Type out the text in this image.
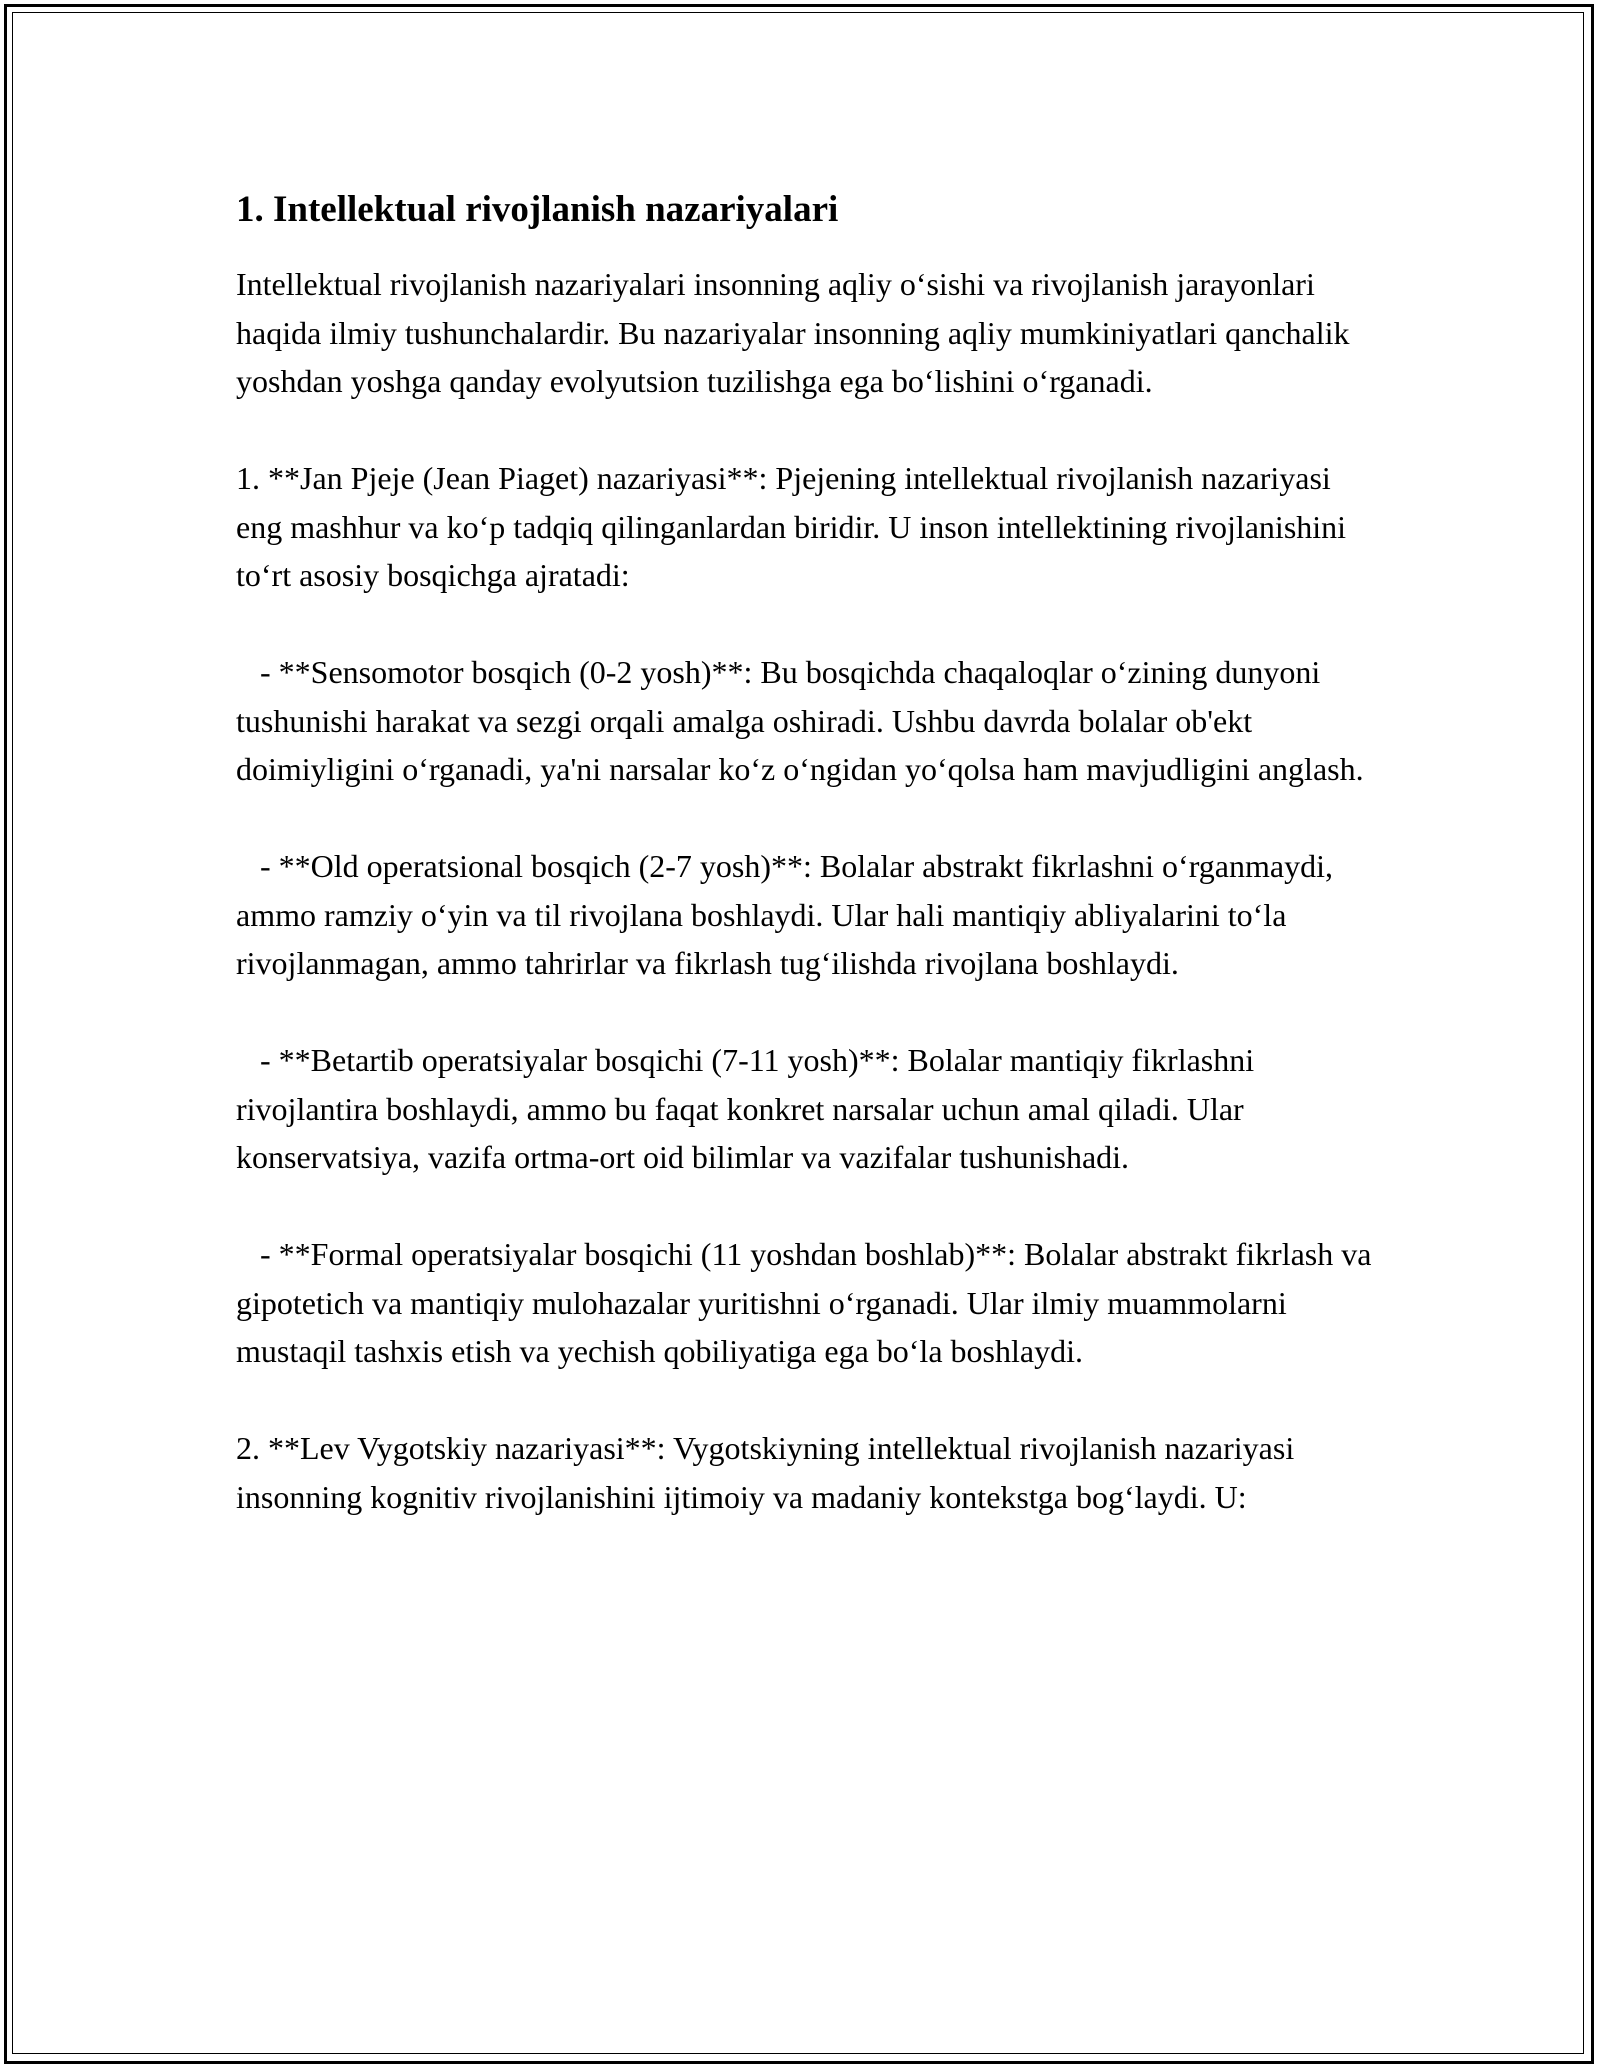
1. Intellektual rivojlanish nazariyalari

Intellektual rivojlanish nazariyalari insonning aqliy o‘sishi va rivojlanish jarayonlari haqida ilmiy tushunchalardir. Bu nazariyalar insonning aqliy mumkiniyatlari qanchalik yoshdan yoshga qanday evolyutsion tuzilishga ega bo‘lishini o‘rganadi.

1. **Jan Pjeje (Jean Piaget) nazariyasi**: Pjejening intellektual rivojlanish nazariyasi eng mashhur va ko‘p tadqiq qilinganlardan biridir. U inson intellektining rivojlanishini to‘rt asosiy bosqichga ajratadi:

- **Sensomotor bosqich (0-2 yosh)**: Bu bosqichda chaqaloqlar o‘zining dunyoni tushunishi harakat va sezgi orqali amalga oshiradi. Ushbu davrda bolalar ob'ekt doimiyligini o‘rganadi, ya'ni narsalar ko‘z o‘ngidan yo‘qolsa ham mavjudligini anglash.

- **Old operatsional bosqich (2-7 yosh)**: Bolalar abstrakt fikrlashni o‘rganmaydi, ammo ramziy o‘yin va til rivojlana boshlaydi. Ular hali mantiqiy abliyalarini to‘la rivojlanmagan, ammo tahrirlar va fikrlash tug‘ilishda rivojlana boshlaydi.

- **Betartib operatsiyalar bosqichi (7-11 yosh)**: Bolalar mantiqiy fikrlashni rivojlantira boshlaydi, ammo bu faqat konkret narsalar uchun amal qiladi. Ular konservatsiya, vazifa ortma-ort oid bilimlar va vazifalar tushunishadi.

- **Formal operatsiyalar bosqichi (11 yoshdan boshlab)**: Bolalar abstrakt fikrlash va gipotetich va mantiqiy mulohazalar yuritishni o‘rganadi. Ular ilmiy muammolarni mustaqil tashxis etish va yechish qobiliyatiga ega bo‘la boshlaydi.

2. **Lev Vygotskiy nazariyasi**: Vygotskiyning intellektual rivojlanish nazariyasi insonning kognitiv rivojlanishini ijtimoiy va madaniy kontekstga bog‘laydi. U:
